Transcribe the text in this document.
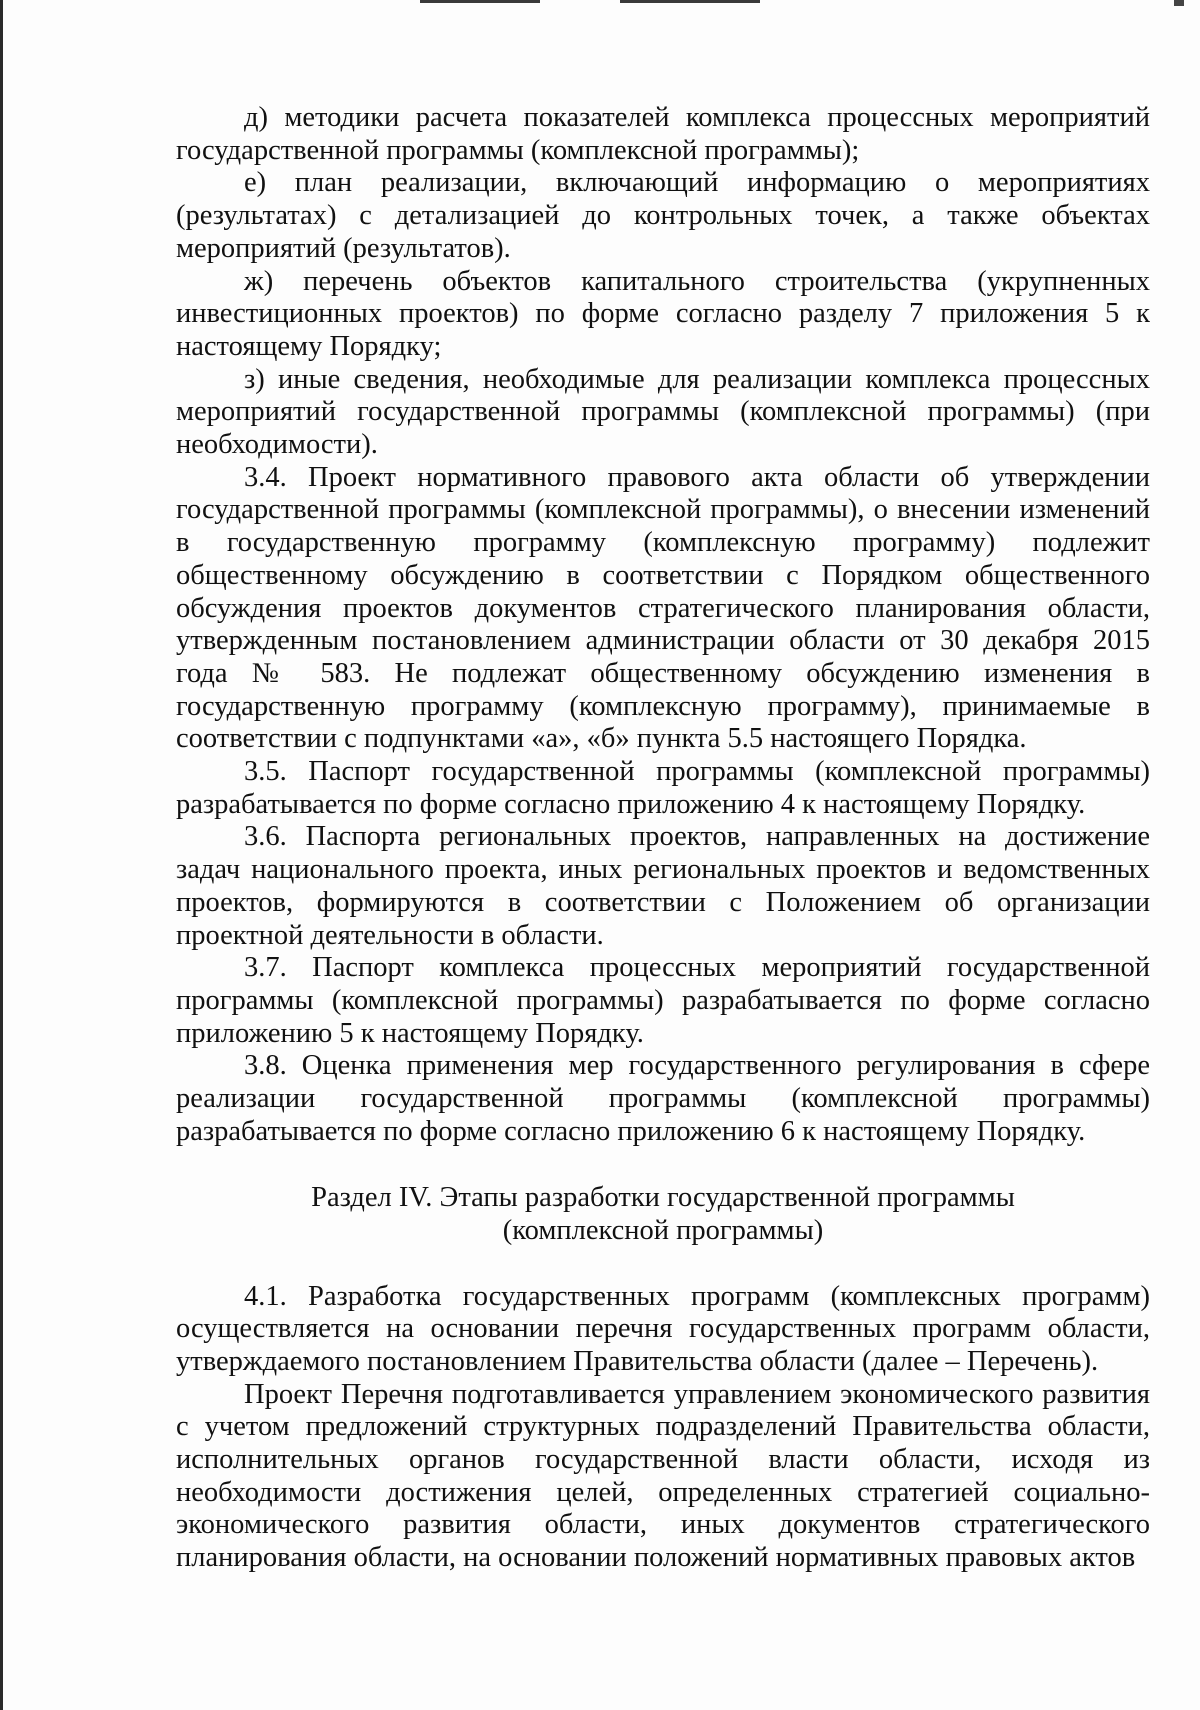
д) методики расчета показателей комплекса процессных мероприятий государственной программы (комплексной программы);

е) план реализации, включающий информацию о мероприятиях (результатах) с детализацией до контрольных точек, а также объектах мероприятий (результатов).

ж) перечень объектов капитального строительства (укрупненных инвестиционных проектов) по форме согласно разделу 7 приложения 5 к настоящему Порядку;

з) иные сведения, необходимые для реализации комплекса процессных мероприятий государственной программы (комплексной программы) (при необходимости).

3.4. Проект нормативного правового акта области об утверждении государственной программы (комплексной программы), о внесении изменений в государственную программу (комплексную программу) подлежит общественному обсуждению в соответствии с Порядком общественного обсуждения проектов документов стратегического планирования области, утвержденным постановлением администрации области от 30 декабря 2015 года № 583. Не подлежат общественному обсуждению изменения в государственную программу (комплексную программу), принимаемые в соответствии с подпунктами «а», «б» пункта 5.5 настоящего Порядка.

3.5. Паспорт государственной программы (комплексной программы) разрабатывается по форме согласно приложению 4 к настоящему Порядку.

3.6. Паспорта региональных проектов, направленных на достижение задач национального проекта, иных региональных проектов и ведомственных проектов, формируются в соответствии с Положением об организации проектной деятельности в области.

3.7. Паспорт комплекса процессных мероприятий государственной программы (комплексной программы) разрабатывается по форме согласно приложению 5 к настоящему Порядку.

3.8. Оценка применения мер государственного регулирования в сфере реализации государственной программы (комплексной программы) разрабатывается по форме согласно приложению 6 к настоящему Порядку.

Раздел IV. Этапы разработки государственной программы

(комплексной программы)

4.1. Разработка государственных программ (комплексных программ) осуществляется на основании перечня государственных программ области, утверждаемого постановлением Правительства области (далее – Перечень).

Проект Перечня подготавливается управлением экономического развития с учетом предложений структурных подразделений Правительства области, исполнительных органов государственной власти области, исходя из необходимости достижения целей, определенных стратегией социально-экономического развития области, иных документов стратегического планирования области, на основании положений нормативных правовых актов
